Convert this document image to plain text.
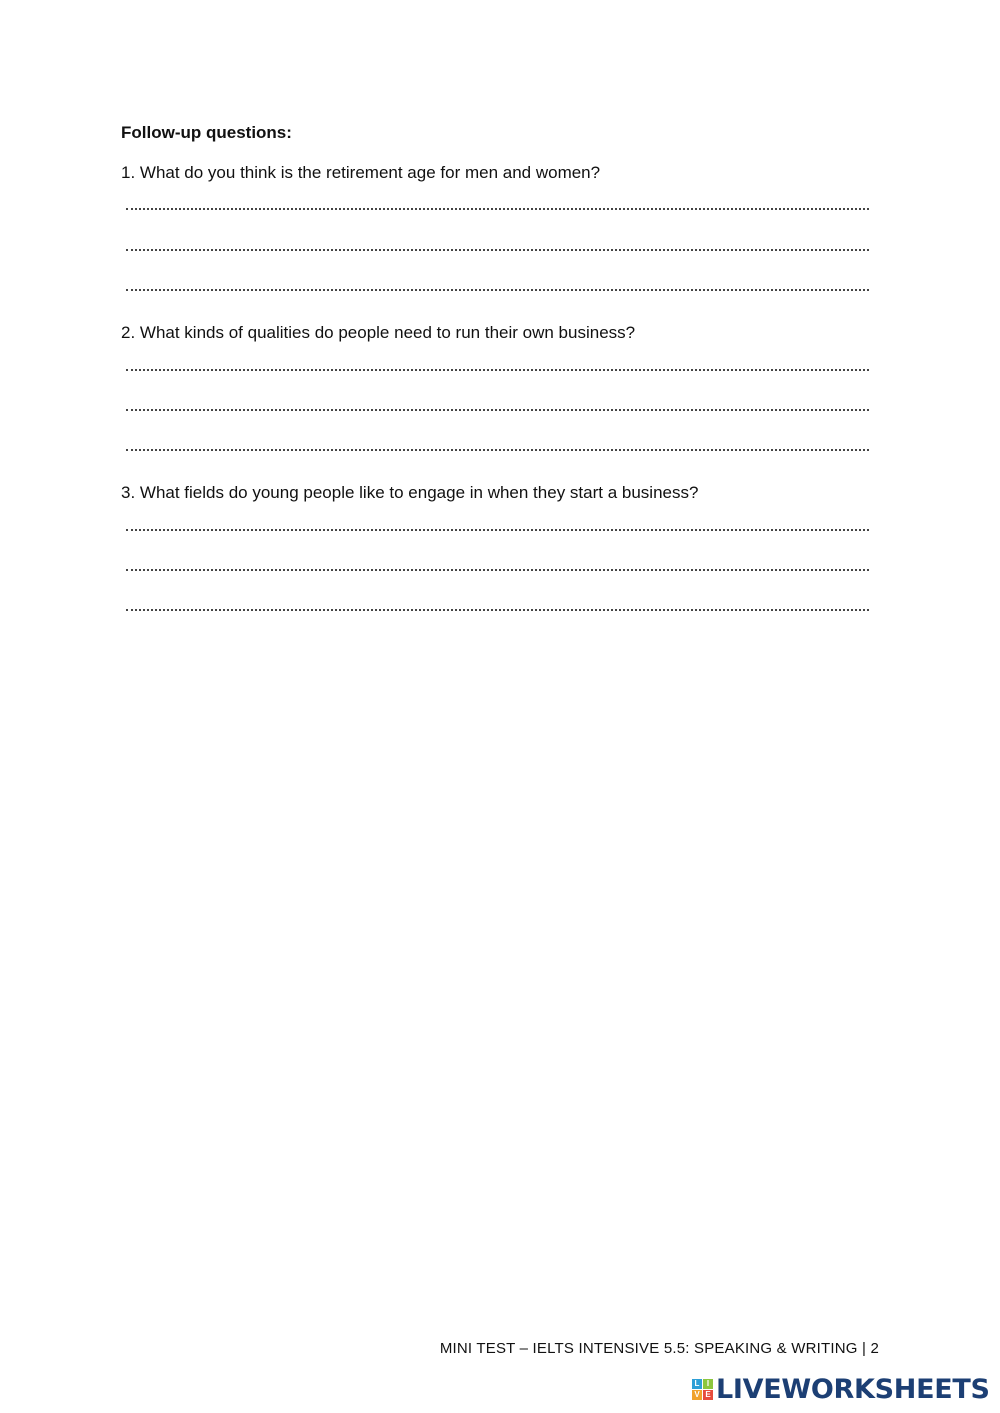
Follow-up questions:

1. What do you think is the retirement age for men and women?

2. What kinds of qualities do people need to run their own business?

3. What fields do young people like to engage in when they start a business?

MINI TEST – IELTS INTENSIVE 5.5: SPEAKING & WRITING | 2
L I
V E LIVEWORKSHEETS
